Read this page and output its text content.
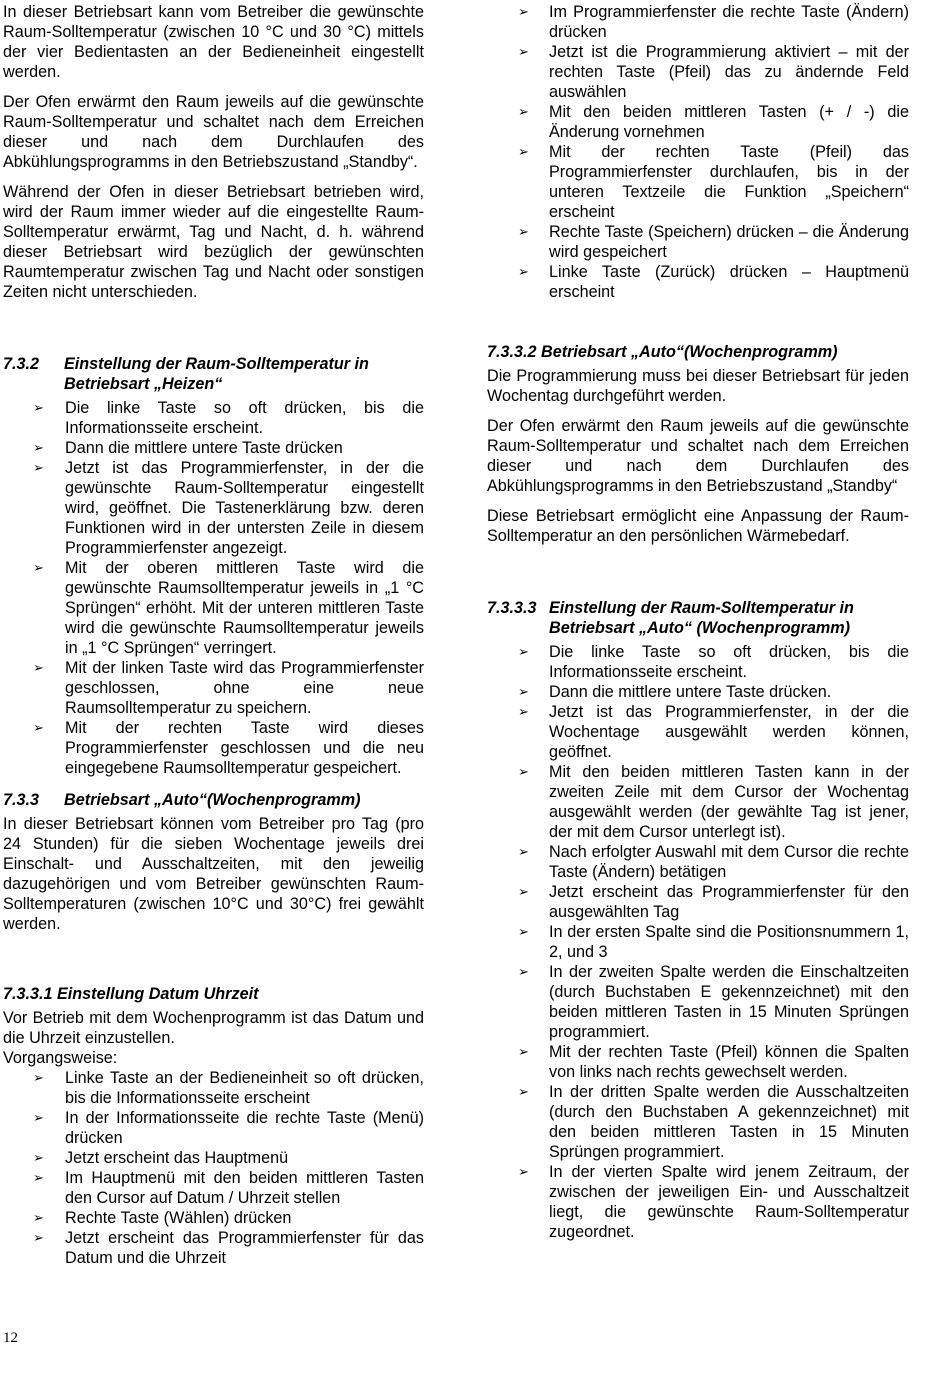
In dieser Betriebsart kann vom Betreiber die gewünschte Raum-Solltemperatur (zwischen 10 °C und 30 °C) mittels der vier Bedientasten an der Bedieneinheit eingestellt werden.

Der Ofen erwärmt den Raum jeweils auf die gewünschte Raum-Solltemperatur und schaltet nach dem Erreichen dieser und nach dem Durchlaufen des Abkühlungsprogramms in den Betriebszustand „Standby“.

Während der Ofen in dieser Betriebsart betrieben wird, wird der Raum immer wieder auf die eingestellte Raum-Solltemperatur erwärmt, Tag und Nacht, d. h. während dieser Betriebsart wird bezüglich der gewünschten Raumtemperatur zwischen Tag und Nacht oder sonstigen Zeiten nicht unterschieden.

7.3.2	Einstellung der Raum-Solltemperatur in Betriebsart „Heizen“
➢ Die linke Taste so oft drücken, bis die Informationsseite erscheint.
➢ Dann die mittlere untere Taste drücken
➢ Jetzt ist das Programmierfenster, in der die gewünschte Raum-Solltemperatur eingestellt wird, geöffnet. Die Tastenerklärung bzw. deren Funktionen wird in der untersten Zeile in diesem Programmierfenster angezeigt.
➢ Mit der oberen mittleren Taste wird die gewünschte Raumsolltemperatur jeweils in „1 °C Sprüngen“ erhöht. Mit der unteren mittleren Taste wird die gewünschte Raumsolltemperatur jeweils in „1 °C Sprüngen“ verringert.
➢ Mit der linken Taste wird das Programmierfenster geschlossen, ohne eine neue Raumsolltemperatur zu speichern.
➢ Mit der rechten Taste wird dieses Programmierfenster geschlossen und die neu eingegebene Raumsolltemperatur gespeichert.
7.3.3	Betriebsart „Auto“(Wochenprogramm)

In dieser Betriebsart können vom Betreiber pro Tag (pro 24 Stunden) für die sieben Wochentage jeweils drei Einschalt- und Ausschaltzeiten, mit den jeweilig dazugehörigen und vom Betreiber gewünschten Raum-Solltemperaturen (zwischen 10°C und 30°C) frei gewählt werden.

7.3.3.1 Einstellung Datum Uhrzeit

Vor Betrieb mit dem Wochenprogramm ist das Datum und die Uhrzeit einzustellen.

Vorgangsweise:

➢ Linke Taste an der Bedieneinheit so oft drücken, bis die Informationsseite erscheint
➢ In der Informationsseite die rechte Taste (Menü) drücken
➢ Jetzt erscheint das Hauptmenü
➢ Im Hauptmenü mit den beiden mittleren Tasten den Cursor auf Datum / Uhrzeit stellen
➢ Rechte Taste (Wählen) drücken
➢ Jetzt erscheint das Programmierfenster für das Datum und die Uhrzeit
➢ Im Programmierfenster die rechte Taste (Ändern) drücken
➢ Jetzt ist die Programmierung aktiviert – mit der rechten Taste (Pfeil) das zu ändernde Feld auswählen
➢ Mit den beiden mittleren Tasten (+ / -) die Änderung vornehmen
➢ Mit der rechten Taste (Pfeil) das Programmierfenster durchlaufen, bis in der unteren Textzeile die Funktion „Speichern“ erscheint
➢ Rechte Taste (Speichern) drücken – die Änderung wird gespeichert
➢ Linke Taste (Zurück) drücken – Hauptmenü erscheint
7.3.3.2 Betriebsart „Auto“(Wochenprogramm)

Die Programmierung muss bei dieser Betriebsart für jeden Wochentag durchgeführt werden.

Der Ofen erwärmt den Raum jeweils auf die gewünschte Raum-Solltemperatur und schaltet nach dem Erreichen dieser und nach dem Durchlaufen des Abkühlungsprogramms in den Betriebszustand „Standby“

Diese Betriebsart ermöglicht eine Anpassung der Raum-Solltemperatur an den persönlichen Wärmebedarf.

7.3.3.3 Einstellung der Raum-Solltemperatur in Betriebsart „Auto“ (Wochenprogramm)
➢ Die linke Taste so oft drücken, bis die Informationsseite erscheint.
➢ Dann die mittlere untere Taste drücken.
➢ Jetzt ist das Programmierfenster, in der die Wochentage ausgewählt werden können, geöffnet.
➢ Mit den beiden mittleren Tasten kann in der zweiten Zeile mit dem Cursor der Wochentag ausgewählt werden (der gewählte Tag ist jener, der mit dem Cursor unterlegt ist).
➢ Nach erfolgter Auswahl mit dem Cursor die rechte Taste (Ändern) betätigen
➢ Jetzt erscheint das Programmierfenster für den ausgewählten Tag
➢ In der ersten Spalte sind die Positionsnummern 1, 2, und 3
➢ In der zweiten Spalte werden die Einschaltzeiten (durch Buchstaben E gekennzeichnet) mit den beiden mittleren Tasten in 15 Minuten Sprüngen programmiert.
➢ Mit der rechten Taste (Pfeil) können die Spalten von links nach rechts gewechselt werden.
➢ In der dritten Spalte werden die Ausschaltzeiten (durch den Buchstaben A gekennzeichnet) mit den beiden mittleren Tasten in 15 Minuten Sprüngen programmiert.
➢ In der vierten Spalte wird jenem Zeitraum, der zwischen der jeweiligen Ein- und Ausschaltzeit liegt, die gewünschte Raum-Solltemperatur zugeordnet.
12
